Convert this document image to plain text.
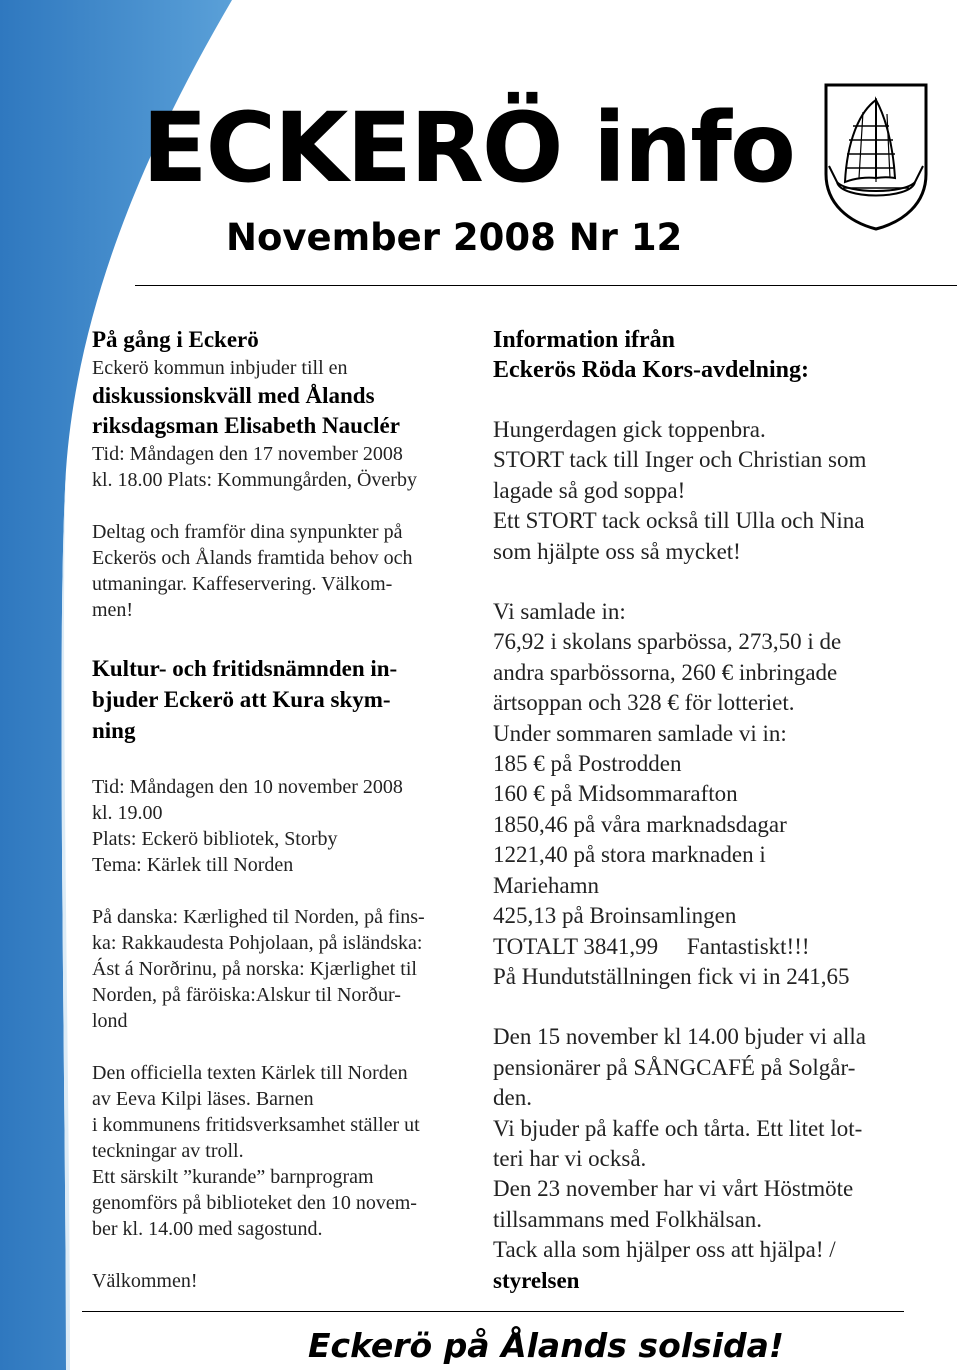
ECKERÖ info
November 2008 Nr 12

På gång i Eckerö

Eckerö kommun inbjuder till en

diskussionskväll med Ålands

riksdagsman Elisabeth Nauclér

Tid: Måndagen den 17 november 2008

kl. 18.00 Plats: Kommungården, Överby

Deltag och framför dina synpunkter på

Eckerös och Ålands framtida behov och

utmaningar. Kaffeservering. Välkom-

men!

Kultur- och fritidsnämnden in-

bjuder Eckerö att Kura skym-

ning

Tid: Måndagen den 10 november 2008

kl. 19.00

Plats: Eckerö bibliotek, Storby

Tema: Kärlek till Norden

På danska: Kærlighed til Norden, på fins-

ka: Rakkaudesta Pohjolaan, på isländska:

Ást á Norðrinu, på norska: Kjærlighet til

Norden, på färöiska:Alskur til Norður-

lond

Den officiella texten Kärlek till Norden

av Eeva Kilpi läses. Barnen

i kommunens fritidsverksamhet ställer ut

teckningar av troll.

Ett särskilt ”kurande” barnprogram

genomförs på biblioteket den 10 novem-

ber kl. 14.00 med sagostund.

Välkommen!

Information ifrån

Eckerös Röda Kors-avdelning:

Hungerdagen gick toppenbra.

STORT tack till Inger och Christian som

lagade så god soppa!

Ett STORT tack också till Ulla och Nina

som hjälpte oss så mycket!

Vi samlade in:

76,92 i skolans sparbössa, 273,50 i de

andra sparbössorna, 260 € inbringade

ärtsoppan och 328 € för lotteriet.

Under sommaren samlade vi in:

185 € på Postrodden

160 € på Midsommarafton

1850,46 på våra marknadsdagar

1221,40 på stora marknaden i

Mariehamn

425,13 på Broinsamlingen

TOTALT 3841,99     Fantastiskt!!!

På Hundutställningen fick vi in 241,65

Den 15 november kl 14.00 bjuder vi alla

pensionärer på SÅNGCAFÉ på Solgår-

den.

Vi bjuder på kaffe och tårta. Ett litet lot-

teri har vi också.

Den 23 november har vi vårt Höstmöte

tillsammans med Folkhälsan.

Tack alla som hjälper oss att hjälpa! /

styrelsen

Eckerö på Ålands solsida!
